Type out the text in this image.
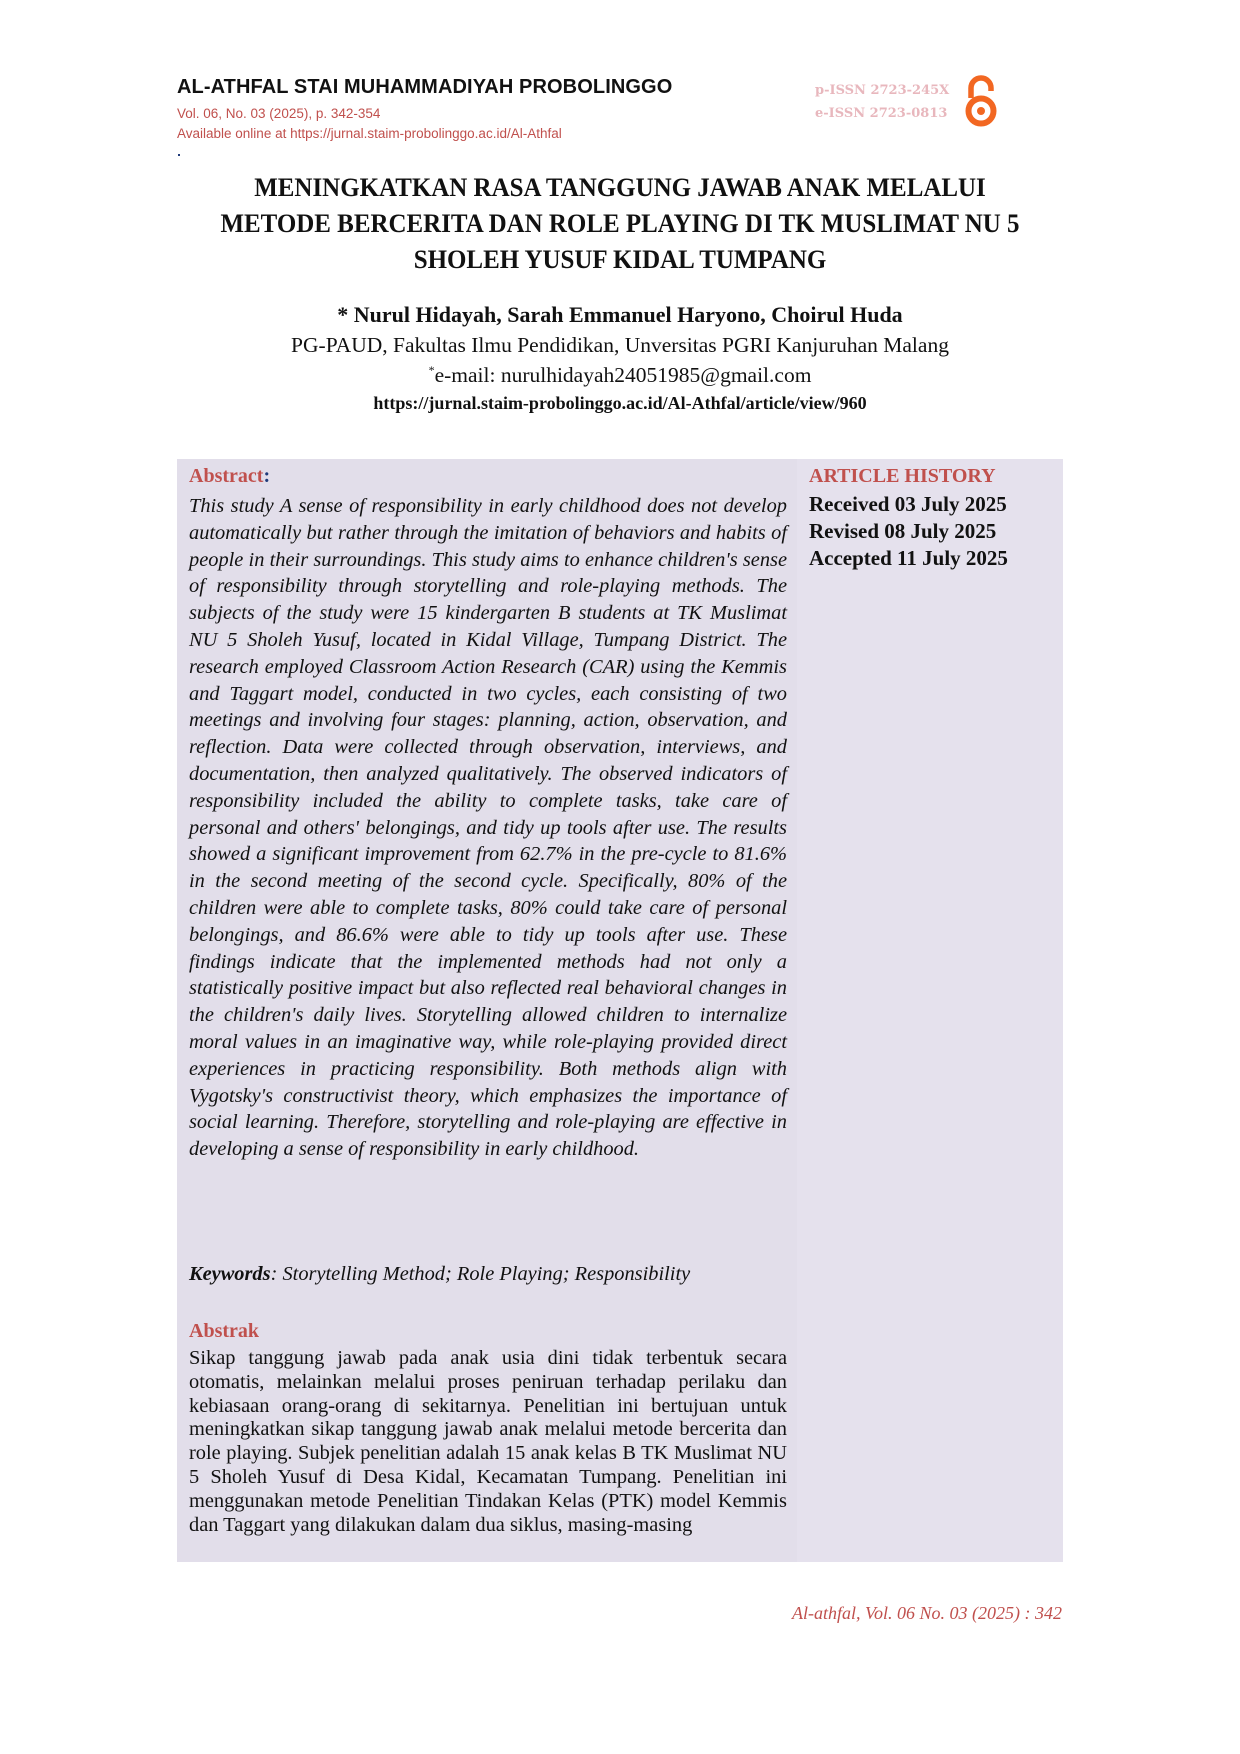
AL-ATHFAL STAI MUHAMMADIYAH PROBOLINGGO
Vol. 06, No. 03 (2025), p. 342-354
Available online at https://jurnal.staim-probolinggo.ac.id/Al-Athfal
p-ISSN 2723-245X
e-ISSN 2723-0813
MENINGKATKAN RASA TANGGUNG JAWAB ANAK MELALUI
METODE BERCERITA DAN ROLE PLAYING DI TK MUSLIMAT NU 5
SHOLEH YUSUF KIDAL TUMPANG
* Nurul Hidayah, Sarah Emmanuel Haryono, Choirul Huda
PG-PAUD, Fakultas Ilmu Pendidikan, Unversitas PGRI Kanjuruhan Malang
*e-mail: nurulhidayah24051985@gmail.com
https://jurnal.staim-probolinggo.ac.id/Al-Athfal/article/view/960
Abstract:
This study A sense of responsibility in early childhood does not develop automatically but rather through the imitation of behaviors and habits of people in their surroundings. This study aims to enhance children's sense of responsibility through storytelling and role-playing methods. The subjects of the study were 15 kindergarten B students at TK Muslimat NU 5 Sholeh Yusuf, located in Kidal Village, Tumpang District. The research employed Classroom Action Research (CAR) using the Kemmis and Taggart model, conducted in two cycles, each consisting of two meetings and involving four stages: planning, action, observation, and reflection. Data were collected through observation, interviews, and documentation, then analyzed qualitatively. The observed indicators of responsibility included the ability to complete tasks, take care of personal and others' belongings, and tidy up tools after use. The results showed a significant improvement from 62.7% in the pre-cycle to 81.6% in the second meeting of the second cycle. Specifically, 80% of the children were able to complete tasks, 80% could take care of personal belongings, and 86.6% were able to tidy up tools after use. These findings indicate that the implemented methods had not only a statistically positive impact but also reflected real behavioral changes in the children's daily lives. Storytelling allowed children to internalize moral values in an imaginative way, while role-playing provided direct experiences in practicing responsibility. Both methods align with Vygotsky's constructivist theory, which emphasizes the importance of social learning. Therefore, storytelling and role-playing are effective in developing a sense of responsibility in early childhood.
Keywords: Storytelling Method; Role Playing; Responsibility
Abstrak
Sikap tanggung jawab pada anak usia dini tidak terbentuk secara otomatis, melainkan melalui proses peniruan terhadap perilaku dan kebiasaan orang-orang di sekitarnya. Penelitian ini bertujuan untuk meningkatkan sikap tanggung jawab anak melalui metode bercerita dan role playing. Subjek penelitian adalah 15 anak kelas B TK Muslimat NU 5 Sholeh Yusuf di Desa Kidal, Kecamatan Tumpang. Penelitian ini menggunakan metode Penelitian Tindakan Kelas (PTK) model Kemmis dan Taggart yang dilakukan dalam dua siklus, masing-masing
ARTICLE HISTORY
Received 03 July 2025
Revised 08 July 2025
Accepted 11 July 2025
Al-athfal, Vol. 06 No. 03 (2025) : 342
